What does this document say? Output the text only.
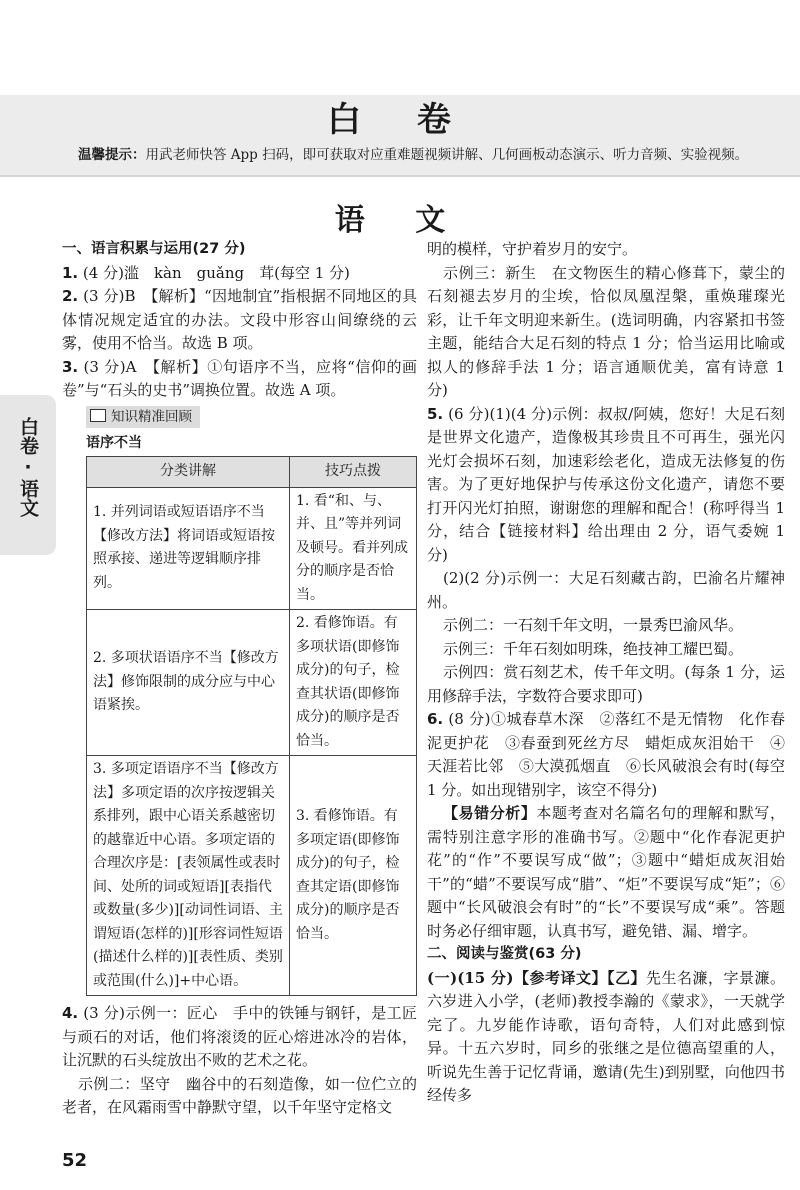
白 卷
温馨提示：用武老师快答 App 扫码，即可获取对应重难题视频讲解、几何画板动态演示、听力音频、实验视频。
语 文
白卷
·
语文

一、语言积累与运用(27 分)

1. (4 分)滥　kàn　guǎng　茸(每空 1 分)

2. (3 分)B　【解析】“因地制宜”指根据不同地区的具体情况规定适宜的办法。文段中形容山间缭绕的云雾，使用不恰当。故选 B 项。

3. (3 分)A　【解析】①句语序不当，应将“信仰的画卷”与“石头的史书”调换位置。故选 A 项。

知识精准回顾
语序不当
分类讲解	技巧点拨
1. 并列词语或短语语序不当【修改方法】将词语或短语按照承接、递进等逻辑顺序排列。	1. 看“和、与、并、且”等并列词及顿号。看并列成分的顺序是否恰当。
2. 多项状语语序不当【修改方法】修饰限制的成分应与中心语紧挨。	2. 看修饰语。有多项状语(即修饰成分)的句子，检查其状语(即修饰成分)的顺序是否恰当。
3. 多项定语语序不当【修改方法】多项定语的次序按逻辑关系排列，跟中心语关系越密切的越靠近中心语。多项定语的合理次序是：[表领属性或表时间、处所的词或短语][表指代或数量(多少)][动词性词语、主谓短语(怎样的)][形容词性短语(描述什么样的)][表性质、类别或范围(什么)]+中心语。	3. 看修饰语。有多项定语(即修饰成分)的句子，检查其定语(即修饰成分)的顺序是否恰当。

4. (3 分)示例一：匠心　手中的铁锤与钢钎，是工匠与顽石的对话，他们将滚烫的匠心熔进冰冷的岩体，让沉默的石头绽放出不败的艺术之花。

示例二：坚守　幽谷中的石刻造像，如一位伫立的老者，在风霜雨雪中静默守望，以千年坚守定格文

明的模样，守护着岁月的安宁。

示例三：新生　在文物医生的精心修葺下，蒙尘的石刻褪去岁月的尘埃，恰似凤凰涅槃，重焕璀璨光彩，让千年文明迎来新生。(选词明确，内容紧扣书签主题，能结合大足石刻的特点 1 分；恰当运用比喻或拟人的修辞手法 1 分；语言通顺优美，富有诗意 1 分)

5. (6 分)(1)(4 分)示例：叔叔/阿姨，您好！大足石刻是世界文化遗产，造像极其珍贵且不可再生，强光闪光灯会损坏石刻，加速彩绘老化，造成无法修复的伤害。为了更好地保护与传承这份文化遗产，请您不要打开闪光灯拍照，谢谢您的理解和配合！(称呼得当 1 分，结合【链接材料】给出理由 2 分，语气委婉 1 分)

(2)(2 分)示例一：大足石刻藏古韵，巴渝名片耀神州。

示例二：一石刻千年文明，一景秀巴渝风华。

示例三：千年石刻如明珠，绝技神工耀巴蜀。

示例四：赏石刻艺术，传千年文明。(每条 1 分，运用修辞手法，字数符合要求即可)

6. (8 分)①城春草木深　②落红不是无情物　化作春泥更护花　③春蚕到死丝方尽　蜡炬成灰泪始干　④天涯若比邻　⑤大漠孤烟直　⑥长风破浪会有时(每空 1 分。如出现错别字，该空不得分)

【易错分析】本题考查对名篇名句的理解和默写，需特别注意字形的准确书写。②题中“化作春泥更护花”的“作”不要误写成“做”；③题中“蜡炬成灰泪始干”的“蜡”不要误写成“腊”、“炬”不要误写成“矩”；⑥题中“长风破浪会有时”的“长”不要误写成“乘”。答题时务必仔细审题，认真书写，避免错、漏、增字。

二、阅读与鉴赏(63 分)

(一)(15 分)【参考译文】【乙】先生名濂，字景濂。六岁进入小学，(老师)教授李瀚的《蒙求》，一天就学完了。九岁能作诗歌，语句奇特，人们对此感到惊异。十五六岁时，同乡的张继之是位德高望重的人，听说先生善于记忆背诵，邀请(先生)到别墅，向他四书经传多

52
